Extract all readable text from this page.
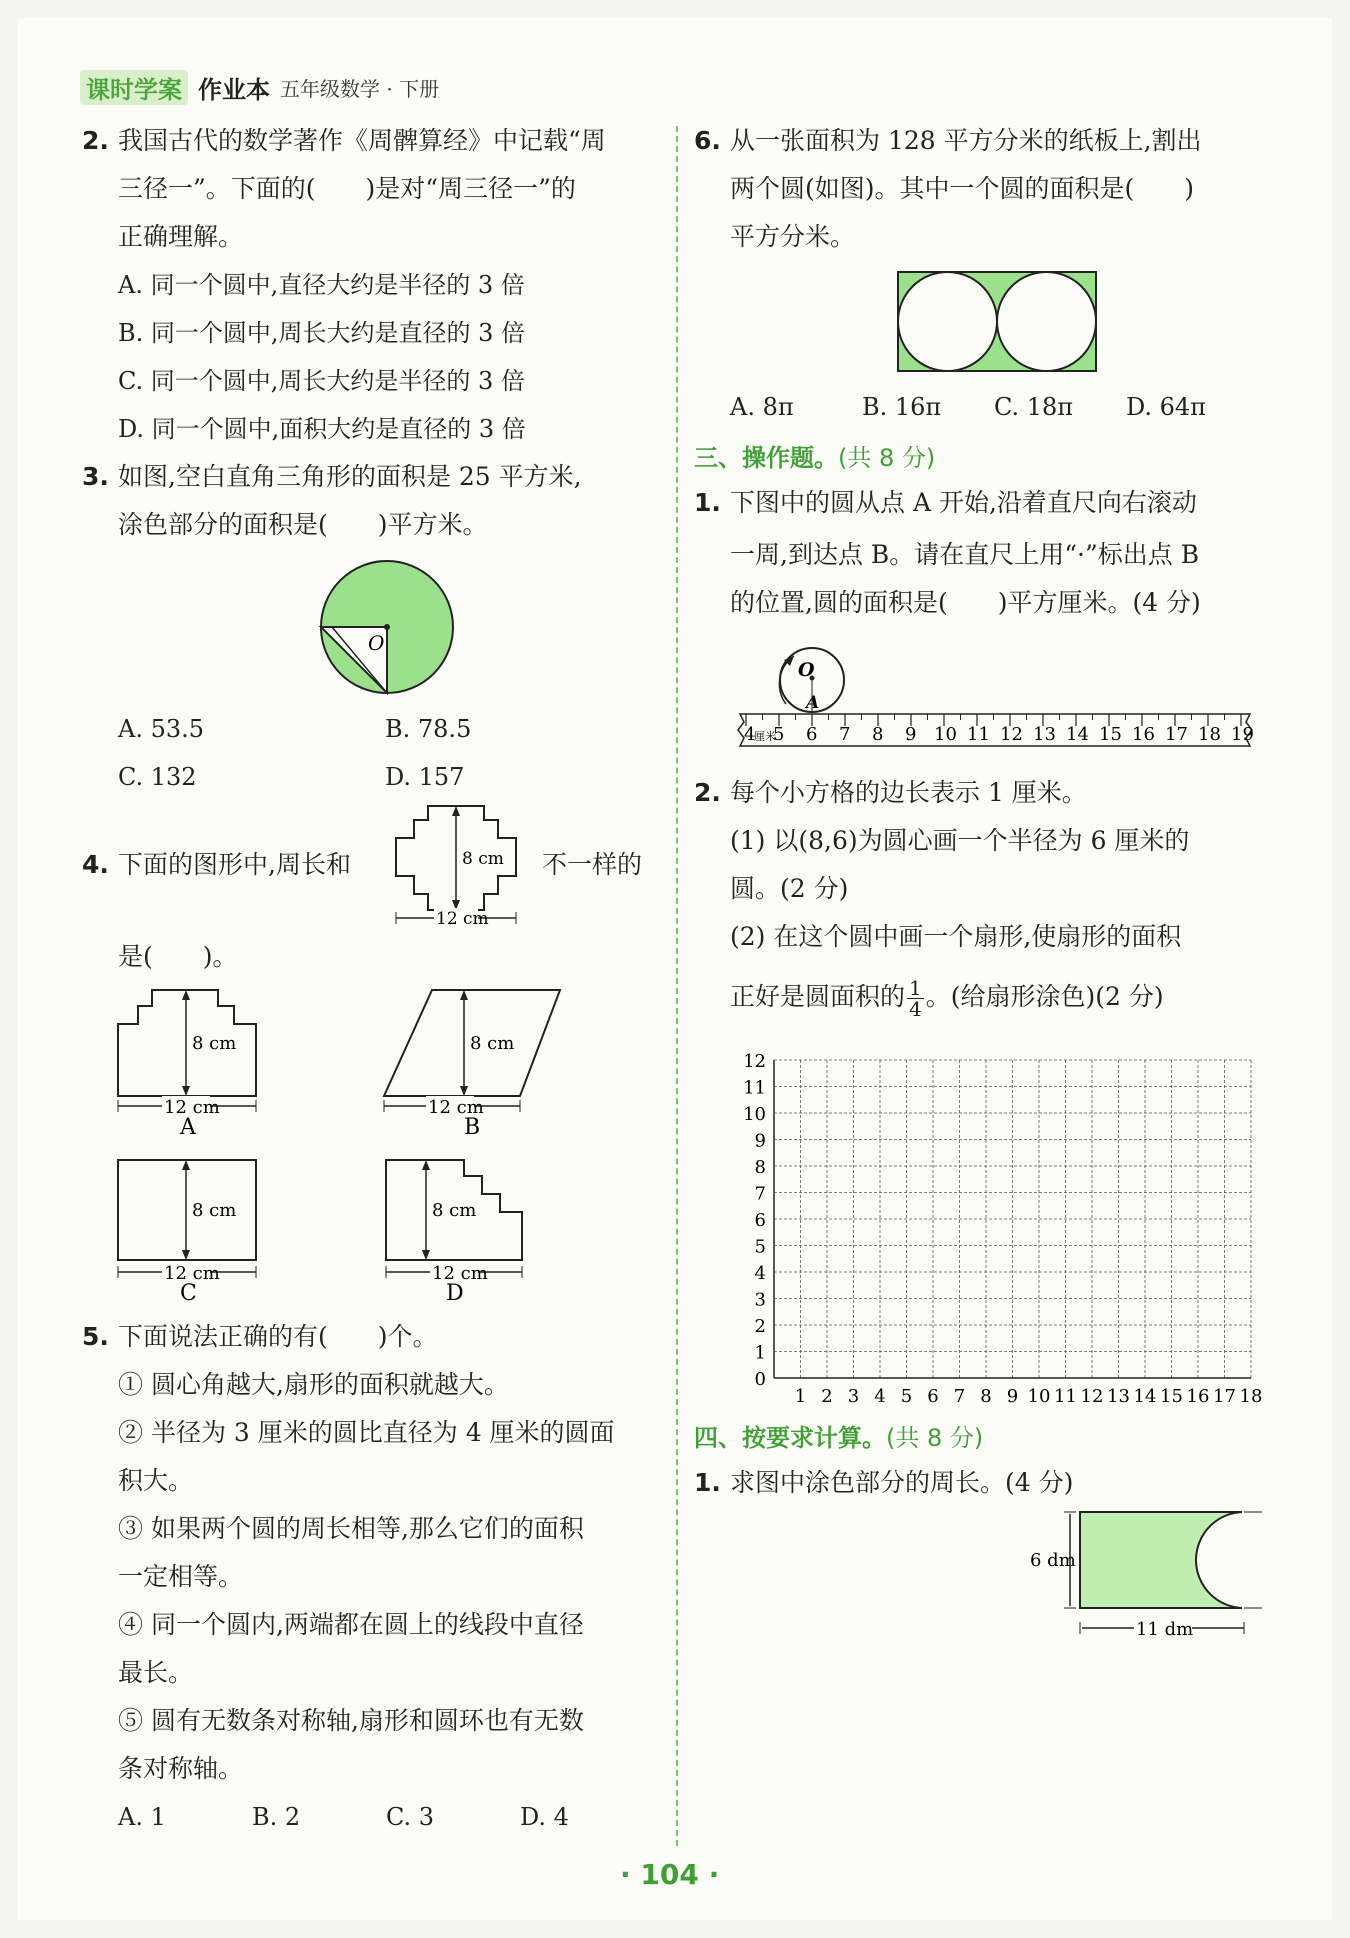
课时学案 作业本 五年级数学 · 下册
2. 我国古代的数学著作《周髀算经》中记载“周
三径一”。下面的(　　)是对“周三径一”的
正确理解。
A. 同一个圆中,直径大约是半径的 3 倍
B. 同一个圆中,周长大约是直径的 3 倍
C. 同一个圆中,周长大约是半径的 3 倍
D. 同一个圆中,面积大约是直径的 3 倍
3. 如图,空白直角三角形的面积是 25 平方米,
涂色部分的面积是(　　)平方米。
O
A. 53.5	B. 78.5
C. 132	D. 157
4. 下面的图形中,周长和	8 cm
12 cm
不一样的
是(　　)。
8 cm
12 cm
A
8 cm
12 cm
B
8 cm
12 cm
C
8 cm
12 cm
D
5. 下面说法正确的有(　　)个。
① 圆心角越大,扇形的面积就越大。
② 半径为 3 厘米的圆比直径为 4 厘米的圆面
积大。
③ 如果两个圆的周长相等,那么它们的面积
一定相等。
④ 同一个圆内,两端都在圆上的线段中直径
最长。
⑤ 圆有无数条对称轴,扇形和圆环也有无数
条对称轴。
A. 1	B. 2	C. 3	D. 4
6. 从一张面积为 128 平方分米的纸板上,割出
两个圆(如图)。其中一个圆的面积是(　　)
平方分米。
A. 8π	B. 16π C. 18π D. 64π
三、操作题。(共 8 分)
1. 下图中的圆从点 A 开始,沿着直尺向右滚动
一周,到达点 B。请在直尺上用“·”标出点 B
的位置,圆的面积是(　　)平方厘米。(4 分)
O
A
4 5 6 7 8 9 10 11 12 13 14 15 16 17 18 19
厘米
2. 每个小方格的边长表示 1 厘米。
(1) 以(8,6)为圆心画一个半径为 6 厘米的
圆。(2 分)
(2) 在这个圆中画一个扇形,使扇形的面积
正好是圆面积的 $\frac{1}{4}$ 。(给扇形涂色)(2 分)
12
11
10
9
8
7
6
5
4
3
2
1
0
1 2 3 4 5 6 7 8 9 10 11 12 13 14 15 16 17 18
四、按要求计算。(共 8 分)
1. 求图中涂色部分的周长。(4 分)
6 dm
11 dm
· 104 ·
